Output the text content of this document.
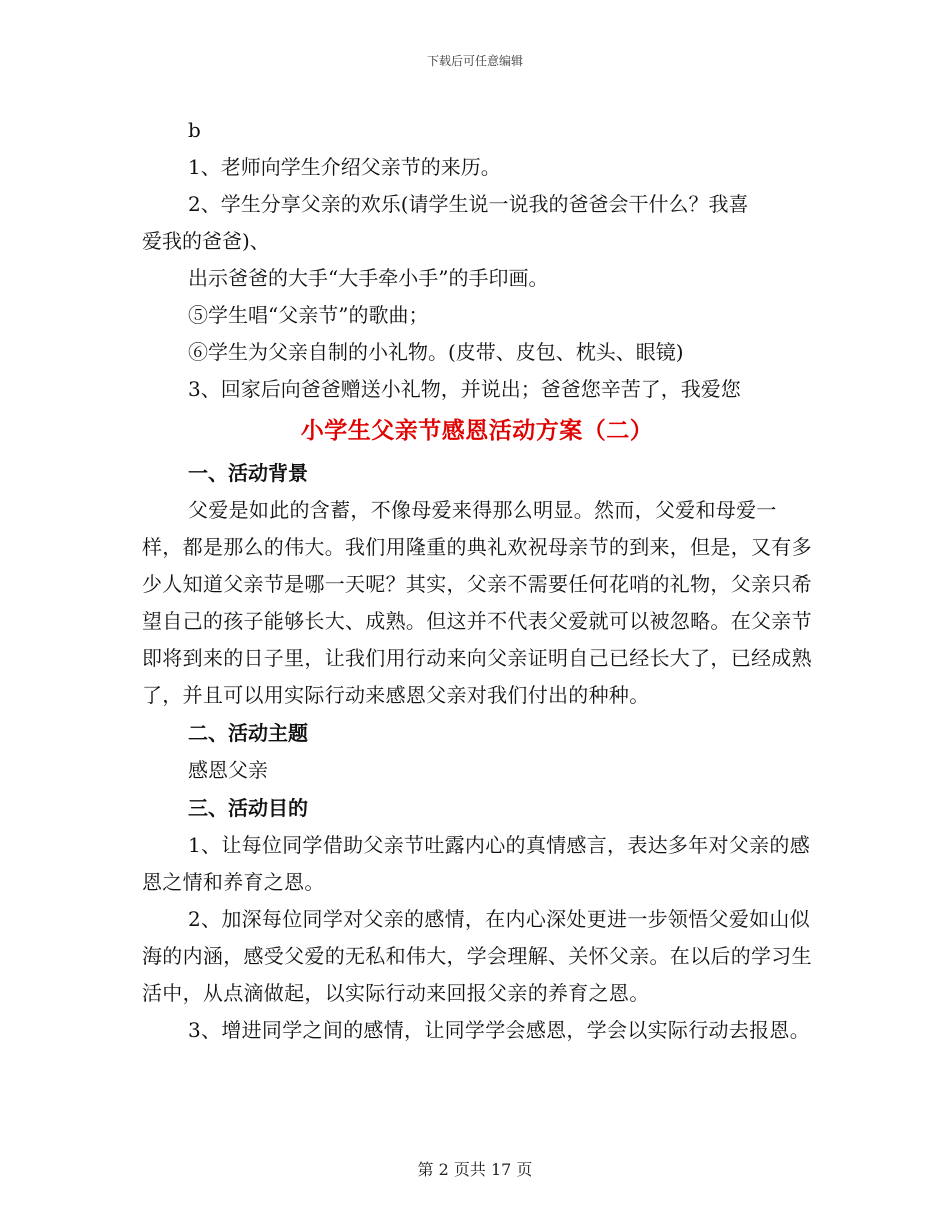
下载后可任意编辑

b

1、老师向学生介绍父亲节的来历。

2、学生分享父亲的欢乐(请学生说一说我的爸爸会干什么？我喜

爱我的爸爸)、

出示爸爸的大手“大手牵小手”的手印画。

⑤学生唱“父亲节”的歌曲；

⑥学生为父亲自制的小礼物。(皮带、皮包、枕头、眼镜)

3、回家后向爸爸赠送小礼物，并说出；爸爸您辛苦了，我爱您

小学生父亲节感恩活动方案（二）
一、活动背景

父爱是如此的含蓄，不像母爱来得那么明显。然而，父爱和母爱一样，都是那么的伟大。我们用隆重的典礼欢祝母亲节的到来，但是，又有多少人知道父亲节是哪一天呢？其实，父亲不需要任何花哨的礼物，父亲只希望自己的孩子能够长大、成熟。但这并不代表父爱就可以被忽略。在父亲节即将到来的日子里，让我们用行动来向父亲证明自己已经长大了，已经成熟了，并且可以用实际行动来感恩父亲对我们付出的种种。

二、活动主题

感恩父亲

三、活动目的

1、让每位同学借助父亲节吐露内心的真情感言，表达多年对父亲的感恩之情和养育之恩。

2、加深每位同学对父亲的感情，在内心深处更进一步领悟父爱如山似海的内涵，感受父爱的无私和伟大，学会理解、关怀父亲。在以后的学习生活中，从点滴做起，以实际行动来回报父亲的养育之恩。

3、增进同学之间的感情，让同学学会感恩，学会以实际行动去报恩。

第 2 页共 17 页
